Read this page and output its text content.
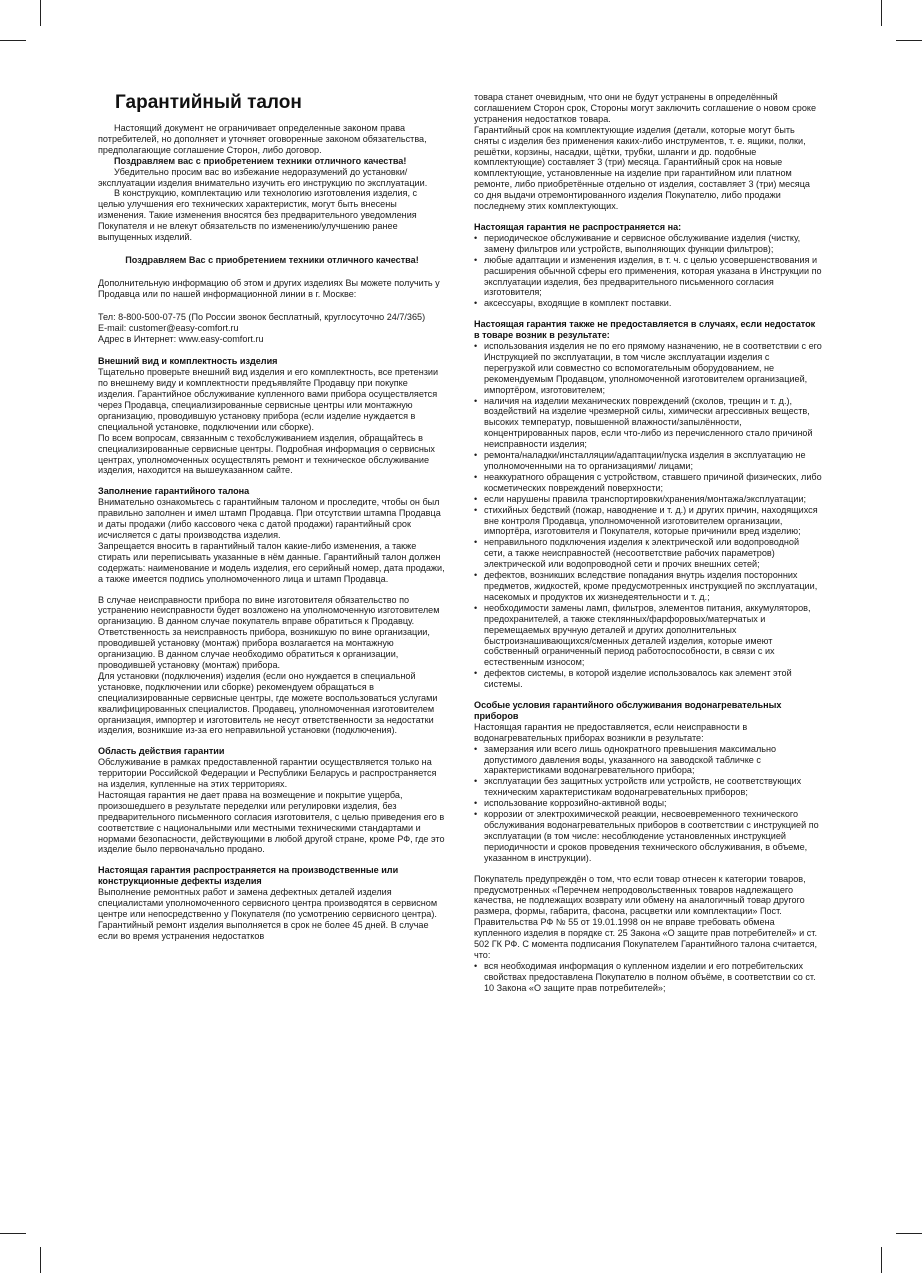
Гарантийный талон

Настоящий документ не ограничивает определенные законом права потребителей, но дополняет и уточняет оговоренные законом обязательства, предполагающие соглашение Сторон, либо договор.

Поздравляем вас с приобретением техники отличного качества!

Убедительно просим вас во избежание недоразумений до установки/эксплуатации изделия внимательно изучить его инструкцию по эксплуатации.

В конструкцию, комплектацию или технологию изготовления изделия, с целью улучшения его технических характеристик, могут быть внесены изменения. Такие изменения вносятся без предварительного уведомления Покупателя и не влекут обязательств по изменению/улучшению ранее выпущенных изделий.

Поздравляем Вас с приобретением техники отличного качества!

Дополнительную информацию об этом и других изделиях Вы можете получить у Продавца или по нашей информационной линии в г. Москве:

Тел: 8-800-500-07-75 (По России звонок бесплатный, круглосуточно 24/7/365)

E-mail: customer@easy-comfort.ru

Адрес в Интернет: www.easy-comfort.ru

Внешний вид и комплектность изделия

Тщательно проверьте внешний вид изделия и его комплектность, все претензии по внешнему виду и комплектности предъявляйте Продавцу при покупке изделия. Гарантийное обслуживание купленного вами прибора осуществляется через Продавца, специализированные сервисные центры или монтажную организацию, проводившую установку прибора (если изделие нуждается в специальной установке, подключении или сборке).

По всем вопросам, связанным с техобслуживанием изделия, обращайтесь в специализированные сервисные центры. Подробная информация о сервисных центрах, уполномоченных осуществлять ремонт и техническое обслуживание изделия, находится на вышеуказанном сайте.

Заполнение гарантийного талона

Внимательно ознакомьтесь с гарантийным талоном и проследите, чтобы он был правильно заполнен и имел штамп Продавца. При отсутствии штампа Продавца и даты продажи (либо кассового чека с датой продажи) гарантийный срок исчисляется с даты производства изделия.

Запрещается вносить в гарантийный талон какие-либо изменения, а также стирать или переписывать указанные в нём данные. Гарантийный талон должен содержать: наименование и модель изделия, его серийный номер, дата продажи, а также имеется подпись уполномоченного лица и штамп Продавца.

В случае неисправности прибора по вине изготовителя обязательство по устранению неисправности будет возложено на уполномоченную изготовителем организацию. В данном случае покупатель вправе обратиться к Продавцу.

Ответственность за неисправность прибора, возникшую по вине организации, проводившей установку (монтаж) прибора возлагается на монтажную организацию. В данном случае необходимо обратиться к организации, проводившей установку (монтаж) прибора.

Для установки (подключения) изделия (если оно нуждается в специальной установке, подключении или сборке) рекомендуем обращаться в специализированные сервисные центры, где можете воспользоваться услугами квалифицированных специалистов. Продавец, уполномоченная изготовителем организация, импортер и изготовитель не несут ответственности за недостатки изделия, возникшие из-за его неправильной установки (подключения).

Область действия гарантии

Обслуживание в рамках предоставленной гарантии осуществляется только на территории Российской Федерации и Республики Беларусь и распространяется на изделия, купленные на этих территориях.

Настоящая гарантия не дает права на возмещение и покрытие ущерба, произошедшего в результате переделки или регулировки изделия, без предварительного письменного согласия изготовителя, с целью приведения его в соответствие с национальными или местными техническими стандартами и нормами безопасности, действующими в любой другой стране, кроме РФ, где это изделие было первоначально продано.

Настоящая гарантия распространяется на производственные или конструкционные дефекты изделия

Выполнение ремонтных работ и замена дефектных деталей изделия специалистами уполномоченного сервисного центра производятся в сервисном центре или непосредственно у Покупателя (по усмотрению сервисного центра). Гарантийный ремонт изделия выполняется в срок не более 45 дней. В случае если во время устранения недостатков

товара станет очевидным, что они не будут устранены в определённый соглашением Сторон срок, Стороны могут заключить соглашение о новом сроке устранения недостатков товара.

Гарантийный срок на комплектующие изделия (детали, которые могут быть сняты с изделия без применения каких-либо инструментов, т. е. ящики, полки, решётки, корзины, насадки, щётки, трубки, шланги и др. подобные комплектующие) составляет 3 (три) месяца. Гарантийный срок на новые комплектующие, установленные на изделие при гарантийном или платном ремонте, либо приобретённые отдельно от изделия, составляет 3 (три) месяца со дня выдачи отремонтированного изделия Покупателю, либо продажи последнему этих комплектующих.

Настоящая гарантия не распространяется на:
• периодическое обслуживание и сервисное обслуживание изделия (чистку, замену фильтров или устройств, выполняющих функции фильтров);
• любые адаптации и изменения изделия, в т. ч. с целью усовершенствования и расширения обычной сферы его применения, которая указана в Инструкции по эксплуатации изделия, без предварительного письменного согласия изготовителя;
• аксессуары, входящие в комплект поставки.
Настоящая гарантия также не предоставляется в случаях, если недостаток в товаре возник в результате:
• использования изделия не по его прямому назначению, не в соответствии с его Инструкцией по эксплуатации, в том числе эксплуатации изделия с перегрузкой или совместно со вспомогательным оборудованием, не рекомендуемым Продавцом, уполномоченной изготовителем организацией, импортёром, изготовителем;
• наличия на изделии механических повреждений (сколов, трещин и т. д.), воздействий на изделие чрезмерной силы, химически агрессивных веществ, высоких температур, повышенной влажности/запылённости, концентрированных паров, если что-либо из перечисленного стало причиной неисправности изделия;
• ремонта/наладки/инсталляции/адаптации/пуска изделия в эксплуатацию не уполномоченными на то организациями/ лицами;
• неаккуратного обращения с устройством, ставшего причиной физических, либо косметических повреждений поверхности;
• если нарушены правила транспортировки/хранения/монтажа/эксплуатации;
• стихийных бедствий (пожар, наводнение и т. д.) и других причин, находящихся вне контроля Продавца, уполномоченной изготовителем организации, импортёра, изготовителя и Покупателя, которые причинили вред изделию;
• неправильного подключения изделия к электрической или водопроводной сети, а также неисправностей (несоответствие рабочих параметров) электрической или водопроводной сети и прочих внешних сетей;
• дефектов, возникших вследствие попадания внутрь изделия посторонних предметов, жидкостей, кроме предусмотренных инструкцией по эксплуатации, насекомых и продуктов их жизнедеятельности и т. д.;
• необходимости замены ламп, фильтров, элементов питания, аккумуляторов, предохранителей, а также стеклянных/фарфоровых/матерчатых и перемещаемых вручную деталей и других дополнительных быстроизнашивающихся/сменных деталей изделия, которые имеют собственный ограниченный период работоспособности, в связи с их естественным износом;
• дефектов системы, в которой изделие использовалось как элемент этой системы.
Особые условия гарантийного обслуживания водонагревательных приборов

Настоящая гарантия не предоставляется, если неисправности в водонагревательных приборах возникли в результате:

• замерзания или всего лишь однократного превышения максимально допустимого давления воды, указанного на заводской табличке с характеристиками водонагревательного прибора;
• эксплуатации без защитных устройств или устройств, не соответствующих техническим характеристикам водонагревательных приборов;
• использование коррозийно-активной воды;
• коррозии от электрохимической реакции, несвоевременного технического обслуживания водонагревательных приборов в соответствии с инструкцией по эксплуатации (в том числе: несоблюдение установленных инструкцией периодичности и сроков проведения технического обслуживания, в объеме, указанном в инструкции).

Покупатель предупреждён о том, что если товар отнесен к категории товаров, предусмотренных «Перечнем непродовольственных товаров надлежащего качества, не подлежащих возврату или обмену на аналогичный товар другого размера, формы, габарита, фасона, расцветки или комплектации» Пост. Правительства РФ № 55 от 19.01.1998 он не вправе требовать обмена купленного изделия в порядке ст. 25 Закона «О защите прав потребителей» и ст. 502 ГК РФ. С момента подписания Покупателем Гарантийного талона считается, что:

• вся необходимая информация о купленном изделии и его потребительских свойствах предоставлена Покупателю в полном объёме, в соответствии со ст. 10 Закона «О защите прав потребителей»;
